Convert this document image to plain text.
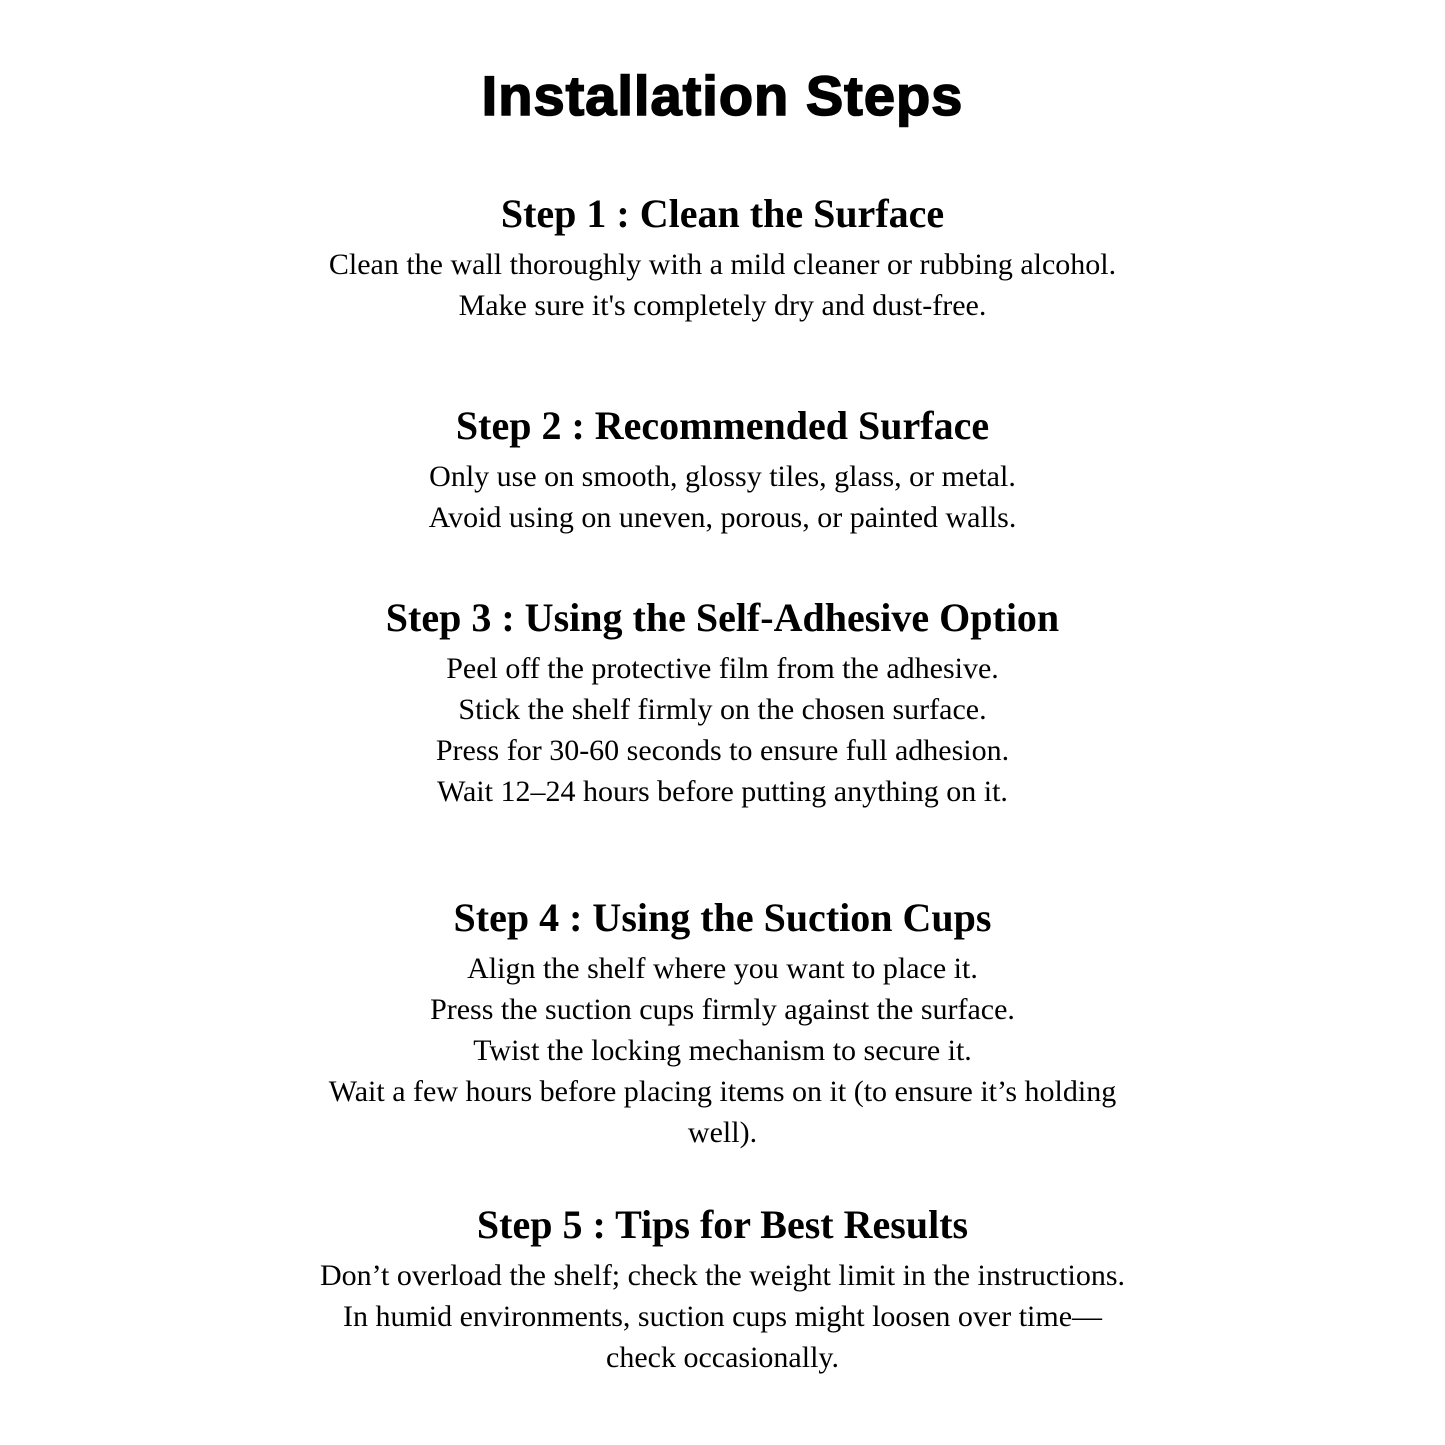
Installation Steps
Step 1 : Clean the Surface
Clean the wall thoroughly with a mild cleaner or rubbing alcohol.
Make sure it's completely dry and dust-free.
Step 2 : Recommended Surface
Only use on smooth, glossy tiles, glass, or metal.
Avoid using on uneven, porous, or painted walls.
Step 3 : Using the Self-Adhesive Option
Peel off the protective film from the adhesive.
Stick the shelf firmly on the chosen surface.
Press for 30-60 seconds to ensure full adhesion.
Wait 12–24 hours before putting anything on it.
Step 4 : Using the Suction Cups
Align the shelf where you want to place it.
Press the suction cups firmly against the surface.
Twist the locking mechanism to secure it.
Wait a few hours before placing items on it (to ensure it’s holding
well).
Step 5 : Tips for Best Results
Don’t overload the shelf; check the weight limit in the instructions.
In humid environments, suction cups might loosen over time—
check occasionally.
